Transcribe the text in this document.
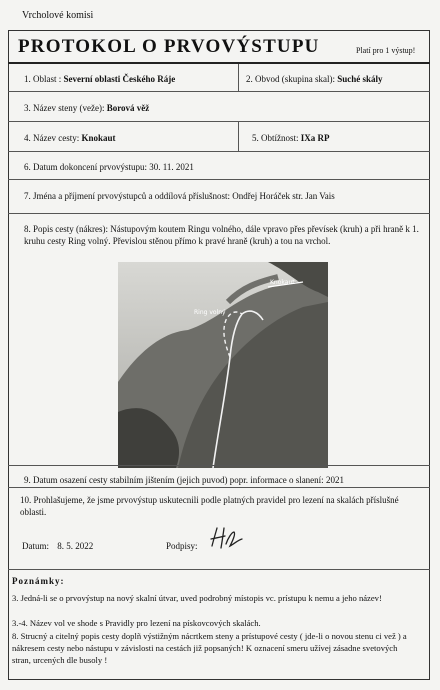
Vrcholové komisi
PROTOKOL O PRVOVÝSTUPU	Platí pro 1 výstup!
1. Oblast : Severní oblasti Českého Ráje	2. Obvod (skupina skal): Suché skály
3. Název steny (veže): Borová věž
4. Název cesty: Knokaut	5. Obtížnost: IXa RP
6. Datum dokoncení prvovýstupu: 30. 11. 2021
7. Jména a příjmení prvovýstupců a oddílová příslušnost: Ondřej Horáček str. Jan Vais
8. Popis cesty (nákres): Nástupovým koutem Ringu volného, dále vpravo přes převísek (kruh) a při hraně k 1. kruhu cesty Ring volný. Převislou stěnou přímo k pravé hraně (kruh) a tou na vrchol.
Knokaut
Ring volný
9. Datum osazení cesty stabilním jištením (jejich puvod) popr. informace o slanení: 2021
10. Prohlašujeme, že jsme prvovýstup uskutecnili podle platných pravidel pro lezení na skalách příslušné oblasti.
Datum: 8. 5. 2022	Podpisy:
Poznámky:
3. Jedná-li se o prvovýstup na nový skalní útvar, uved podrobný místopis vc. prístupu k nemu a jeho název!
3.-4. Název vol ve shode s Pravidly pro lezení na pískovcových skalách.
8. Strucný a citelný popis cesty doplñ výstižným nácrtkem steny a prístupové cesty ( jde-li o novou stenu ci vež ) a nákresem cesty nebo nástupu v závislosti na cestách již popsaných! K oznacení smeru užívej zásadne svetových stran, urcených dle busoly !
